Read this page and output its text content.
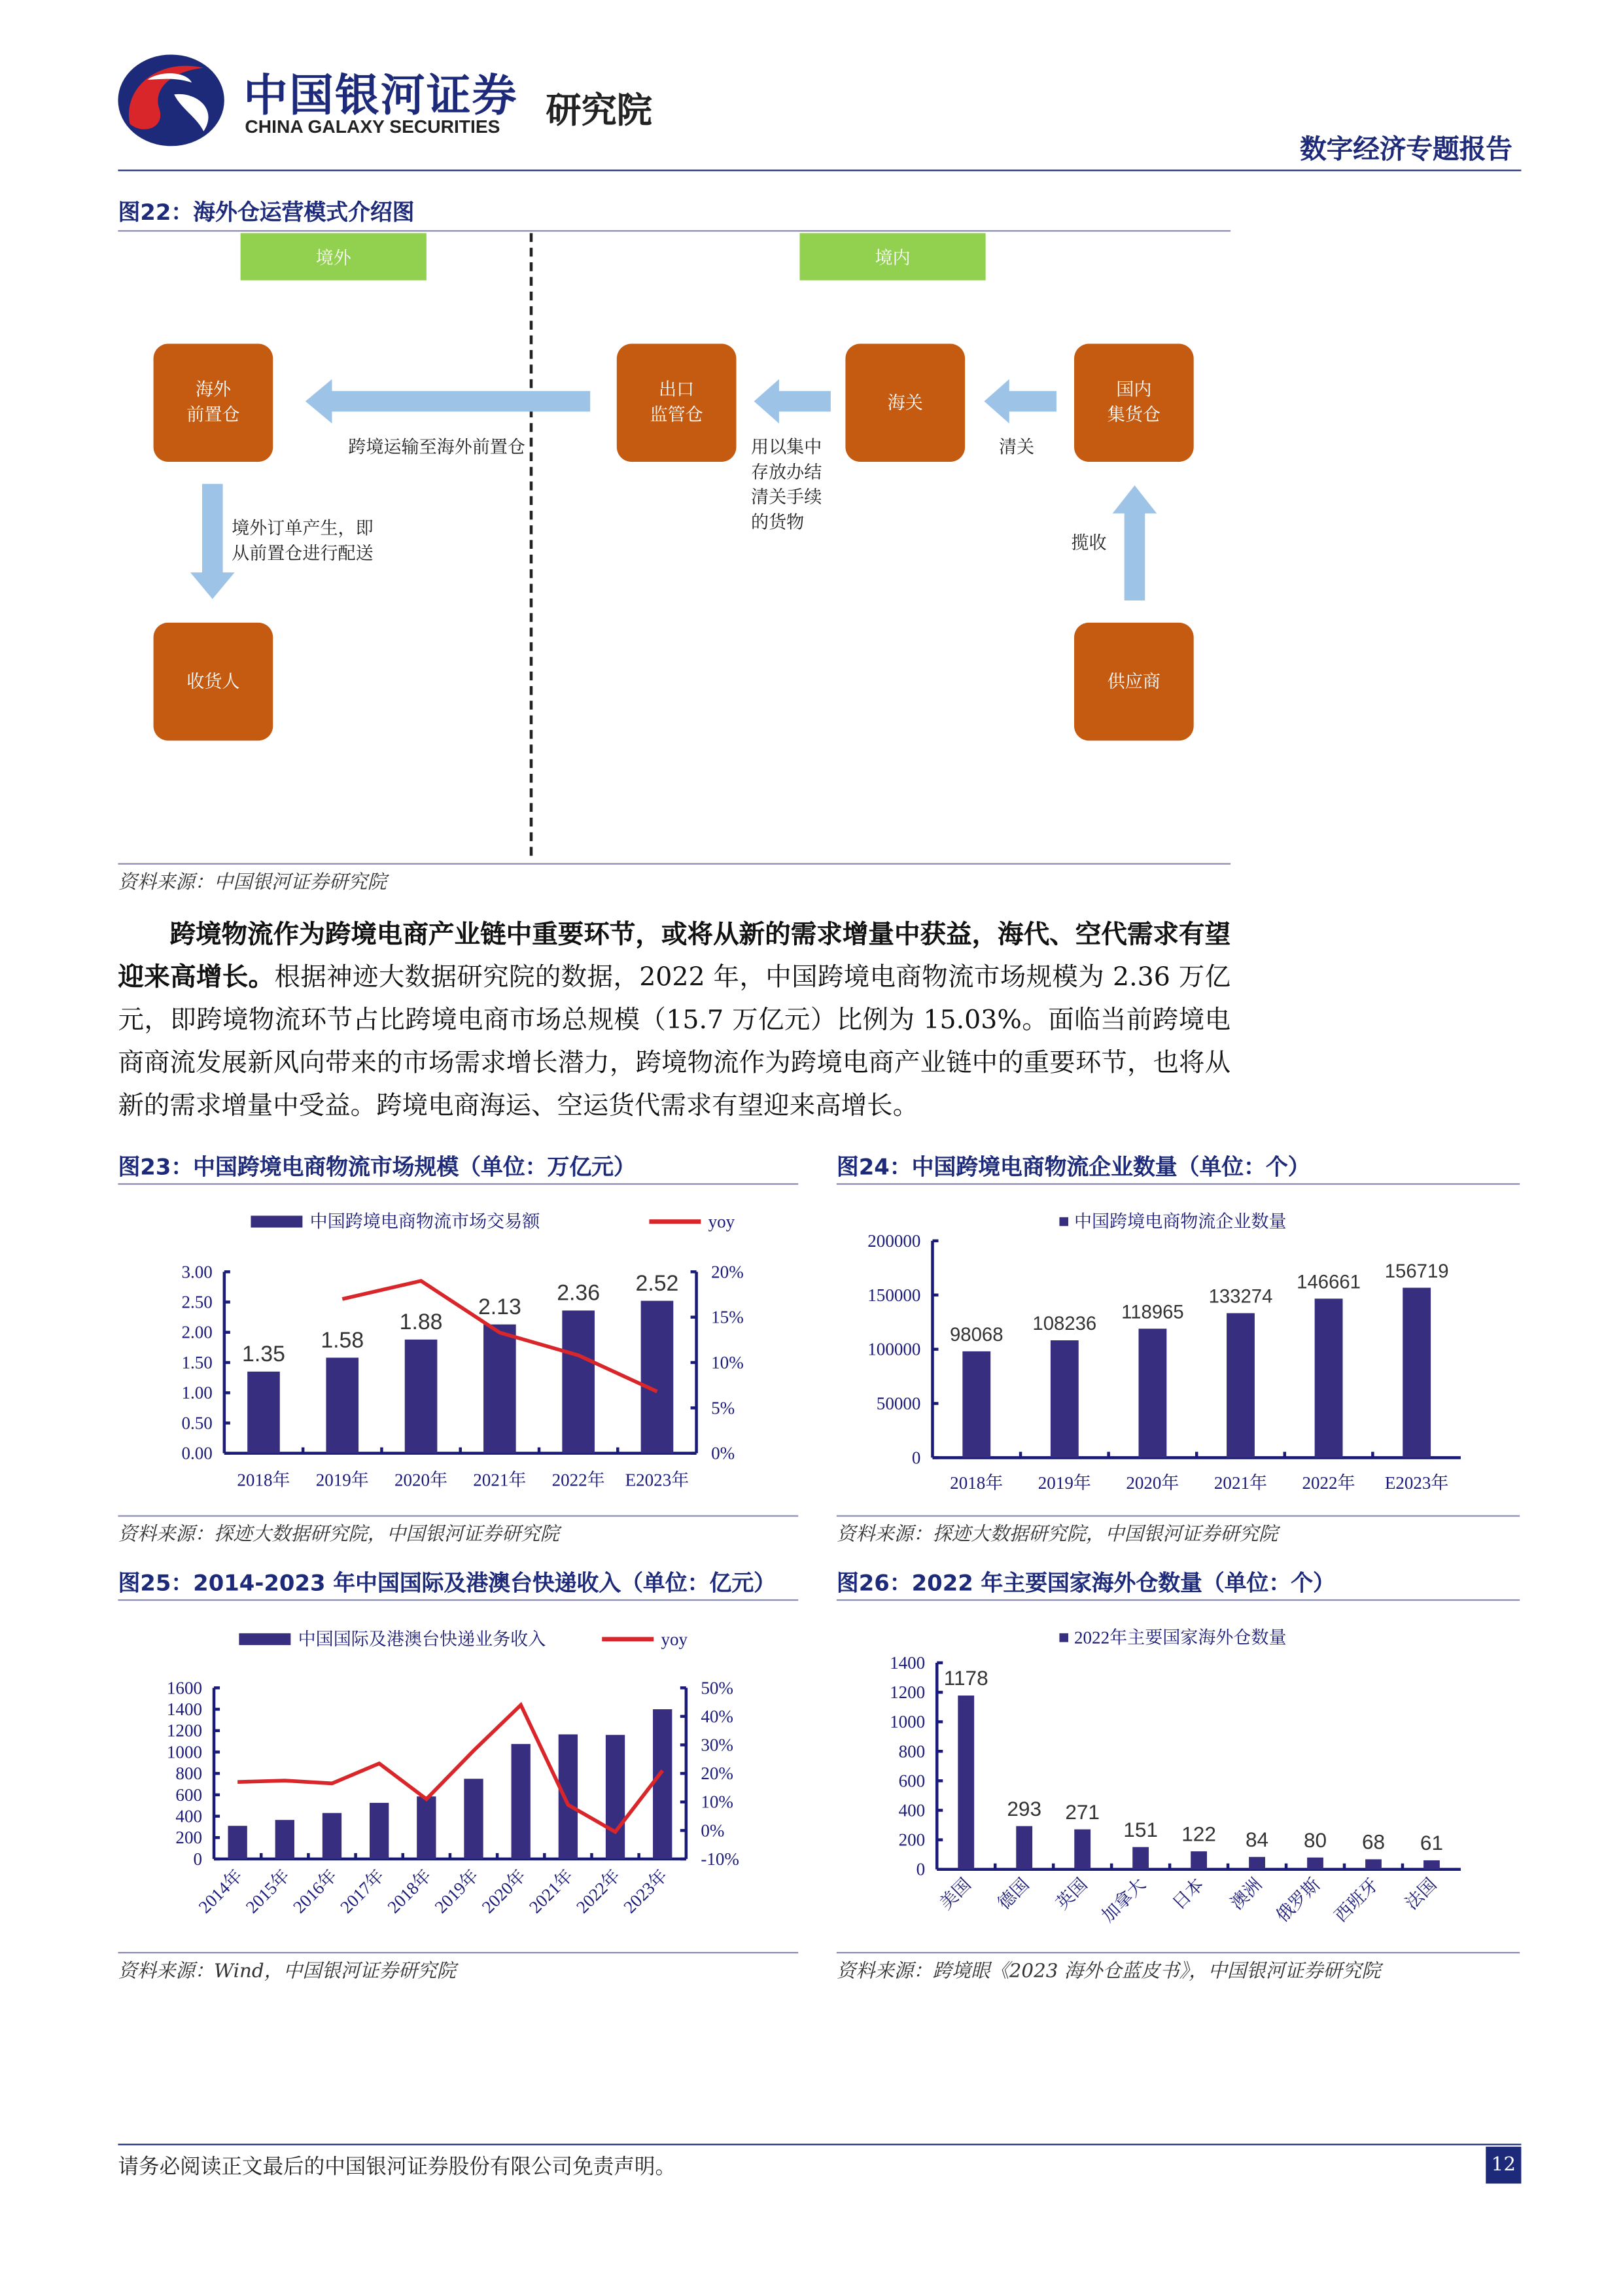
中国银河证券
CHINA GALAXY SECURITIES	研究院
数字经济专题报告
图22：海外仓运营模式介绍图
境外	境内
海外
前置仓
出口
监管仓
海关
国内
集货仓
收货人	供应商
跨境运输至海外前置仓	用以集中
存放办结
清关手续
的货物
清关
境外订单产生，即
从前置仓进行配送
揽收
资料来源：中国银河证券研究院
  跨境物流作为跨境电商产业链中重要环节，或将从新的需求增量中获益，海代、空代需求有望迎来高增长。根据神迹大数据研究院的数据，2022 年，中国跨境电商物流市场规模为 2.36 万亿元，即跨境物流环节占比跨境电商市场总规模（15.7 万亿元）比例为 15.03%。面临当前跨境电商商流发展新风向带来的市场需求增长潜力，跨境物流作为跨境电商产业链中的重要环节，也将从新的需求增量中受益。跨境电商海运、空运货代需求有望迎来高增长。
图23：中国跨境电商物流市场规模（单位：万亿元）	图24：中国跨境电商物流企业数量（单位：个）
资料来源：探迹大数据研究院，中国银河证券研究院	资料来源：探迹大数据研究院，中国银河证券研究院
图25：2014-2023 年中国国际及港澳台快递收入（单位：亿元）	图26：2022 年主要国家海外仓数量（单位：个）
资料来源：Wind，中国银河证券研究院	资料来源：跨境眼《2023 海外仓蓝皮书》，中国银河证券研究院
0.00
0.50
1.00
1.50
2.00
2.50
3.00
0%
5%
10%
15%
20%
1.35
2018年
1.58
2019年
1.88
2020年
2.13
2021年
2.36
2022年
2.52
E2023年
中国跨境电商物流市场交易额	yoy
0
50000
100000
150000
200000
98068
2018年
108236
2019年
118965
2020年
133274
2021年
146661
2022年
156719
E2023年
中国跨境电商物流企业数量
0
200
400
600
800
1000
1200
1400
1600
-10%
0%
10%
20%
30%
40%
50%
2014年
2015年
2016年
2017年
2018年
2019年
2020年
2021年
2022年
2023年
中国国际及港澳台快递业务收入	yoy
0
200
400
600
800
1000
1200
1400
1178
美国
293
德国
271
英国
151
加拿大
122
日本
84
澳洲
80
俄罗斯
68
西班牙
61
法国
2022年主要国家海外仓数量
请务必阅读正文最后的中国银河证券股份有限公司免责声明。	12
